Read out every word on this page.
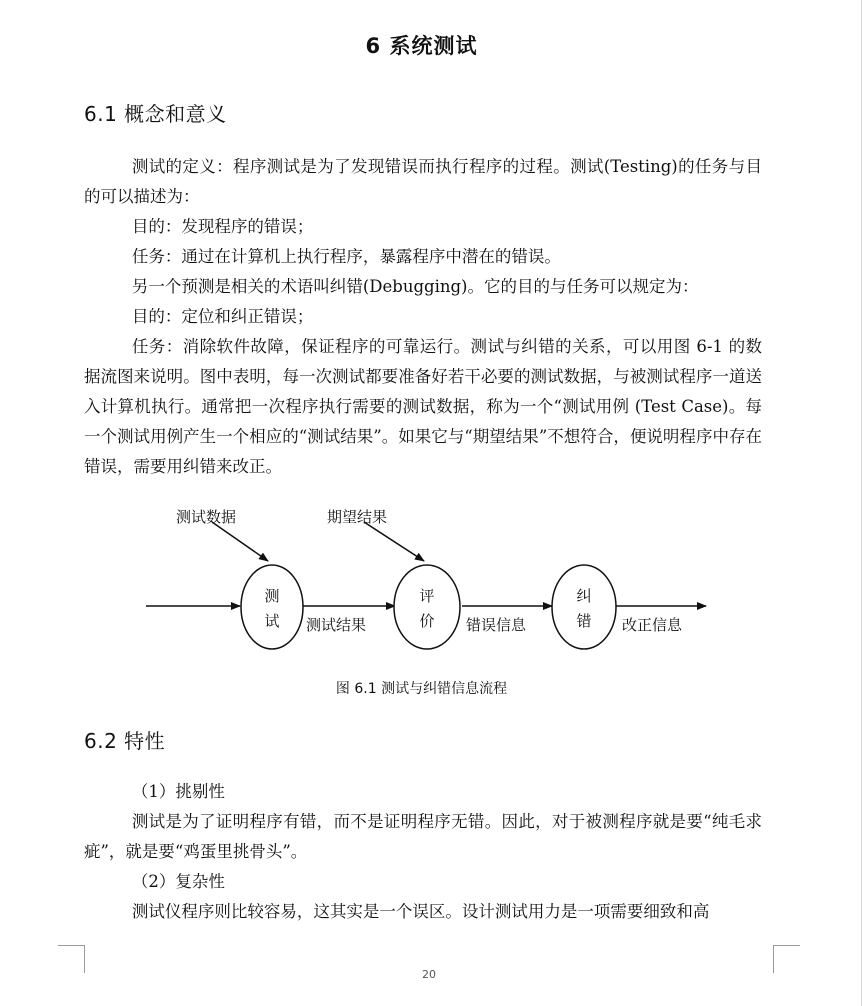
6 系统测试
6.1 概念和意义

测试的定义：程序测试是为了发现错误而执行程序的过程。测试(Testing)的任务与目的可以描述为：

目的：发现程序的错误；

任务：通过在计算机上执行程序，暴露程序中潜在的错误。

另一个预测是相关的术语叫纠错(Debugging)。它的目的与任务可以规定为：

目的：定位和纠正错误；

任务：消除软件故障，保证程序的可靠运行。测试与纠错的关系，可以用图 6-1 的数据流图来说明。图中表明，每一次测试都要准备好若干必要的测试数据，与被测试程序一道送入计算机执行。通常把一次程序执行需要的测试数据，称为一个“测试用例 (Test Case)。每一个测试用例产生一个相应的“测试结果”。如果它与“期望结果”不想符合，便说明程序中存在错误，需要用纠错来改正。

测
试
评
价
纠
错
测试数据	期望结果
测试结果	错误信息	改正信息
图 6.1 测试与纠错信息流程
6.2 特性

（1）挑剔性

测试是为了证明程序有错，而不是证明程序无错。因此，对于被测程序就是要“纯毛求疵”，就是要“鸡蛋里挑骨头”。

（2）复杂性

测试仪程序则比较容易，这其实是一个误区。设计测试用力是一项需要细致和高

20
